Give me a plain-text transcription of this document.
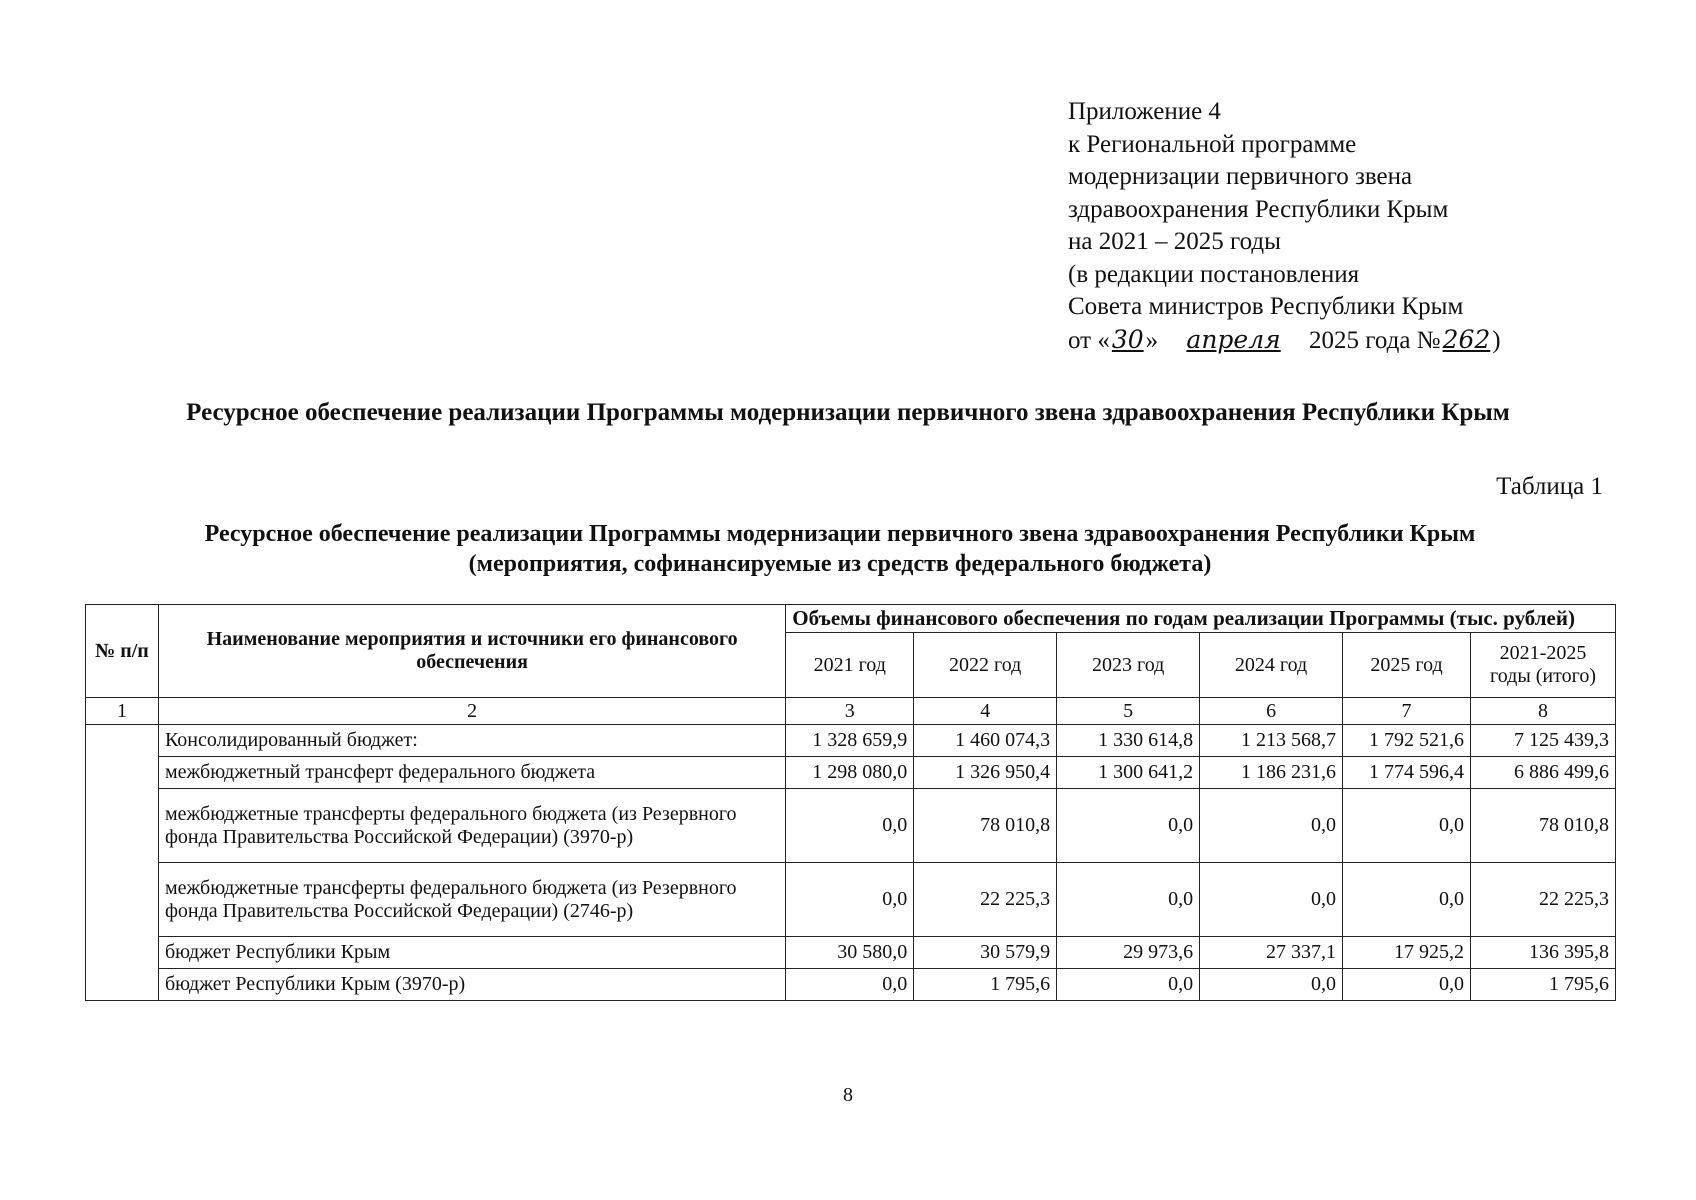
Приложение 4
к Региональной программе
модернизации первичного звена
здравоохранения Республики Крым
на 2021 – 2025 годы
(в редакции постановления
Совета министров Республики Крым
от «30» апреля 2025 года №262)
Ресурсное обеспечение реализации Программы модернизации первичного звена здравоохранения Республики Крым
Таблица 1
Ресурсное обеспечение реализации Программы модернизации первичного звена здравоохранения Республики Крым
(мероприятия, софинансируемые из средств федерального бюджета)
№ п/п	Наименование мероприятия и источники его финансового обеспечения	Объемы финансового обеспечения по годам реализации Программы (тыс. рублей)					
		2021 год	2022 год	2023 год	2024 год	2025 год	2021-2025 годы (итого)
1	2	3	4	5	6	7	8
	Консолидированный бюджет:	1 328 659,9	1 460 074,3	1 330 614,8	1 213 568,7	1 792 521,6	7 125 439,3
	межбюджетный трансферт федерального бюджета	1 298 080,0	1 326 950,4	1 300 641,2	1 186 231,6	1 774 596,4	6 886 499,6
	межбюджетные трансферты федерального бюджета (из Резервного фонда Правительства Российской Федерации) (3970-р)	0,0	78 010,8	0,0	0,0	0,0	78 010,8
	межбюджетные трансферты федерального бюджета (из Резервного фонда Правительства Российской Федерации) (2746-р)	0,0	22 225,3	0,0	0,0	0,0	22 225,3
	бюджет Республики Крым	30 580,0	30 579,9	29 973,6	27 337,1	17 925,2	136 395,8
	бюджет Республики Крым (3970-р)	0,0	1 795,6	0,0	0,0	0,0	1 795,6
8
